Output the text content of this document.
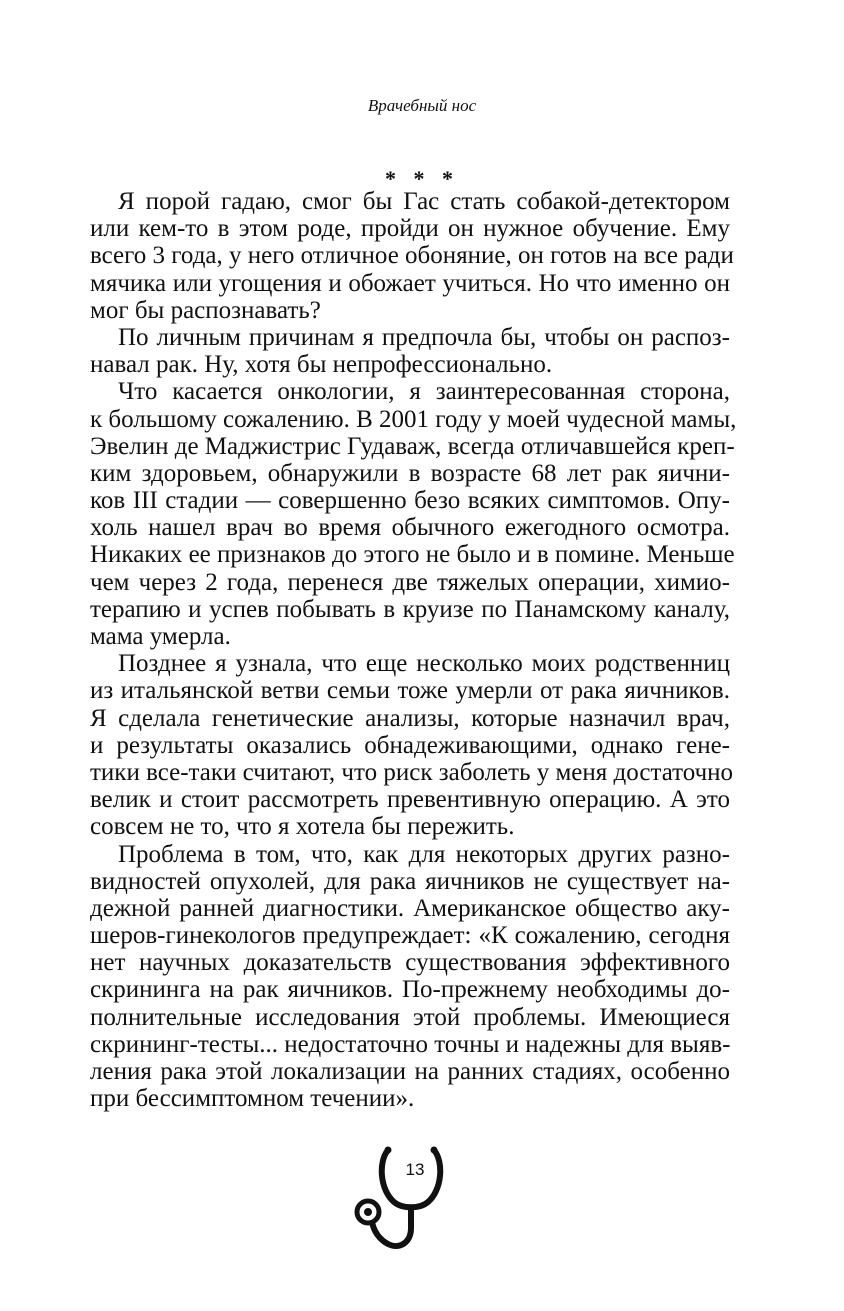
Врачебный нос
* * *
Я порой гадаю, смог бы Гас стать собакой-детектором
или кем-то в этом роде, пройди он нужное обучение. Ему
всего 3 года, у него отличное обоняние, он готов на все ради
мячика или угощения и обожает учиться. Но что именно он
мог бы распознавать?
По личным причинам я предпочла бы, чтобы он распоз-
навал рак. Ну, хотя бы непрофессионально.
Что касается онкологии, я заинтересованная сторона,
к большому сожалению. В 2001 году у моей чудесной мамы,
Эвелин де Маджистрис Гудаваж, всегда отличавшейся креп-
ким здоровьем, обнаружили в возрасте 68 лет рак яични-
ков III стадии — совершенно безо всяких симптомов. Опу-
холь нашел врач во время обычного ежегодного осмотра.
Никаких ее признаков до этого не было и в помине. Меньше
чем через 2 года, перенеся две тяжелых операции, химио-
терапию и успев побывать в круизе по Панамскому каналу,
мама умерла.
Позднее я узнала, что еще несколько моих родственниц
из итальянской ветви семьи тоже умерли от рака яичников.
Я сделала генетические анализы, которые назначил врач,
и результаты оказались обнадеживающими, однако гене-
тики все-таки считают, что риск заболеть у меня достаточно
велик и стоит рассмотреть превентивную операцию. А это
совсем не то, что я хотела бы пережить.
Проблема в том, что, как для некоторых других разно-
видностей опухолей, для рака яичников не существует на-
дежной ранней диагностики. Американское общество аку-
шеров-гинекологов предупреждает: «К сожалению, сегодня
нет научных доказательств существования эффективного
скрининга на рак яичников. По-прежнему необходимы до-
полнительные исследования этой проблемы. Имеющиеся
скрининг-тесты... недостаточно точны и надежны для выяв-
ления рака этой локализации на ранних стадиях, особенно
при бессимптомном течении».
13
